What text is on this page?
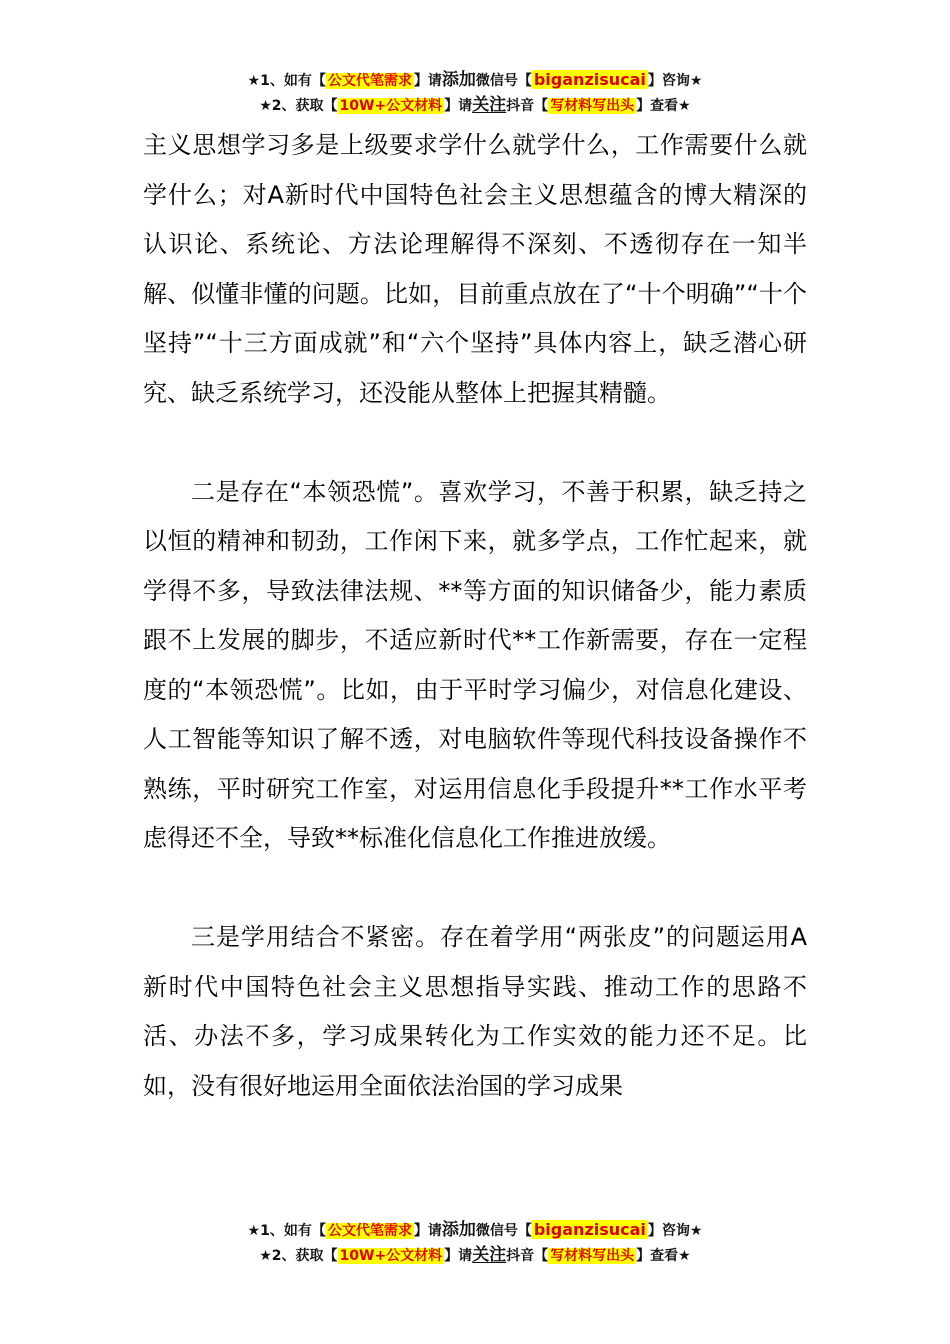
★1、如有【 公文代笔需求 】请添加微信号【 biganzisucai 】咨询★
★2、获取【 10W+公文材料 】请关注抖音【 写材料写出头 】查看★

主义思想学习多是上级要求学什么就学什么，工作需要什么就学什么；对A新时代中国特色社会主义思想蕴含的博大精深的认识论、系统论、方法论理解得不深刻、不透彻存在一知半解、似懂非懂的问题。比如，目前重点放在了“十个明确”“十个坚持”“十三方面成就”和“六个坚持”具体内容上，缺乏潜心研究、缺乏系统学习，还没能从整体上把握其精髓。

二是存在“本领恐慌”。喜欢学习，不善于积累，缺乏持之以恒的精神和韧劲，工作闲下来，就多学点，工作忙起来，就学得不多，导致法律法规、**等方面的知识储备少，能力素质跟不上发展的脚步，不适应新时代**工作新需要，存在一定程度的“本领恐慌”。比如，由于平时学习偏少，对信息化建设、人工智能等知识了解不透，对电脑软件等现代科技设备操作不熟练，平时研究工作室，对运用信息化手段提升**工作水平考虑得还不全，导致**标准化信息化工作推进放缓。

三是学用结合不紧密。存在着学用“两张皮”的问题运用A新时代中国特色社会主义思想指导实践、推动工作的思路不活、办法不多，学习成果转化为工作实效的能力还不足。比如，没有很好地运用全面依法治国的学习成果

★1、如有【 公文代笔需求 】请添加微信号【 biganzisucai 】咨询★
★2、获取【 10W+公文材料 】请关注抖音【 写材料写出头 】查看★
